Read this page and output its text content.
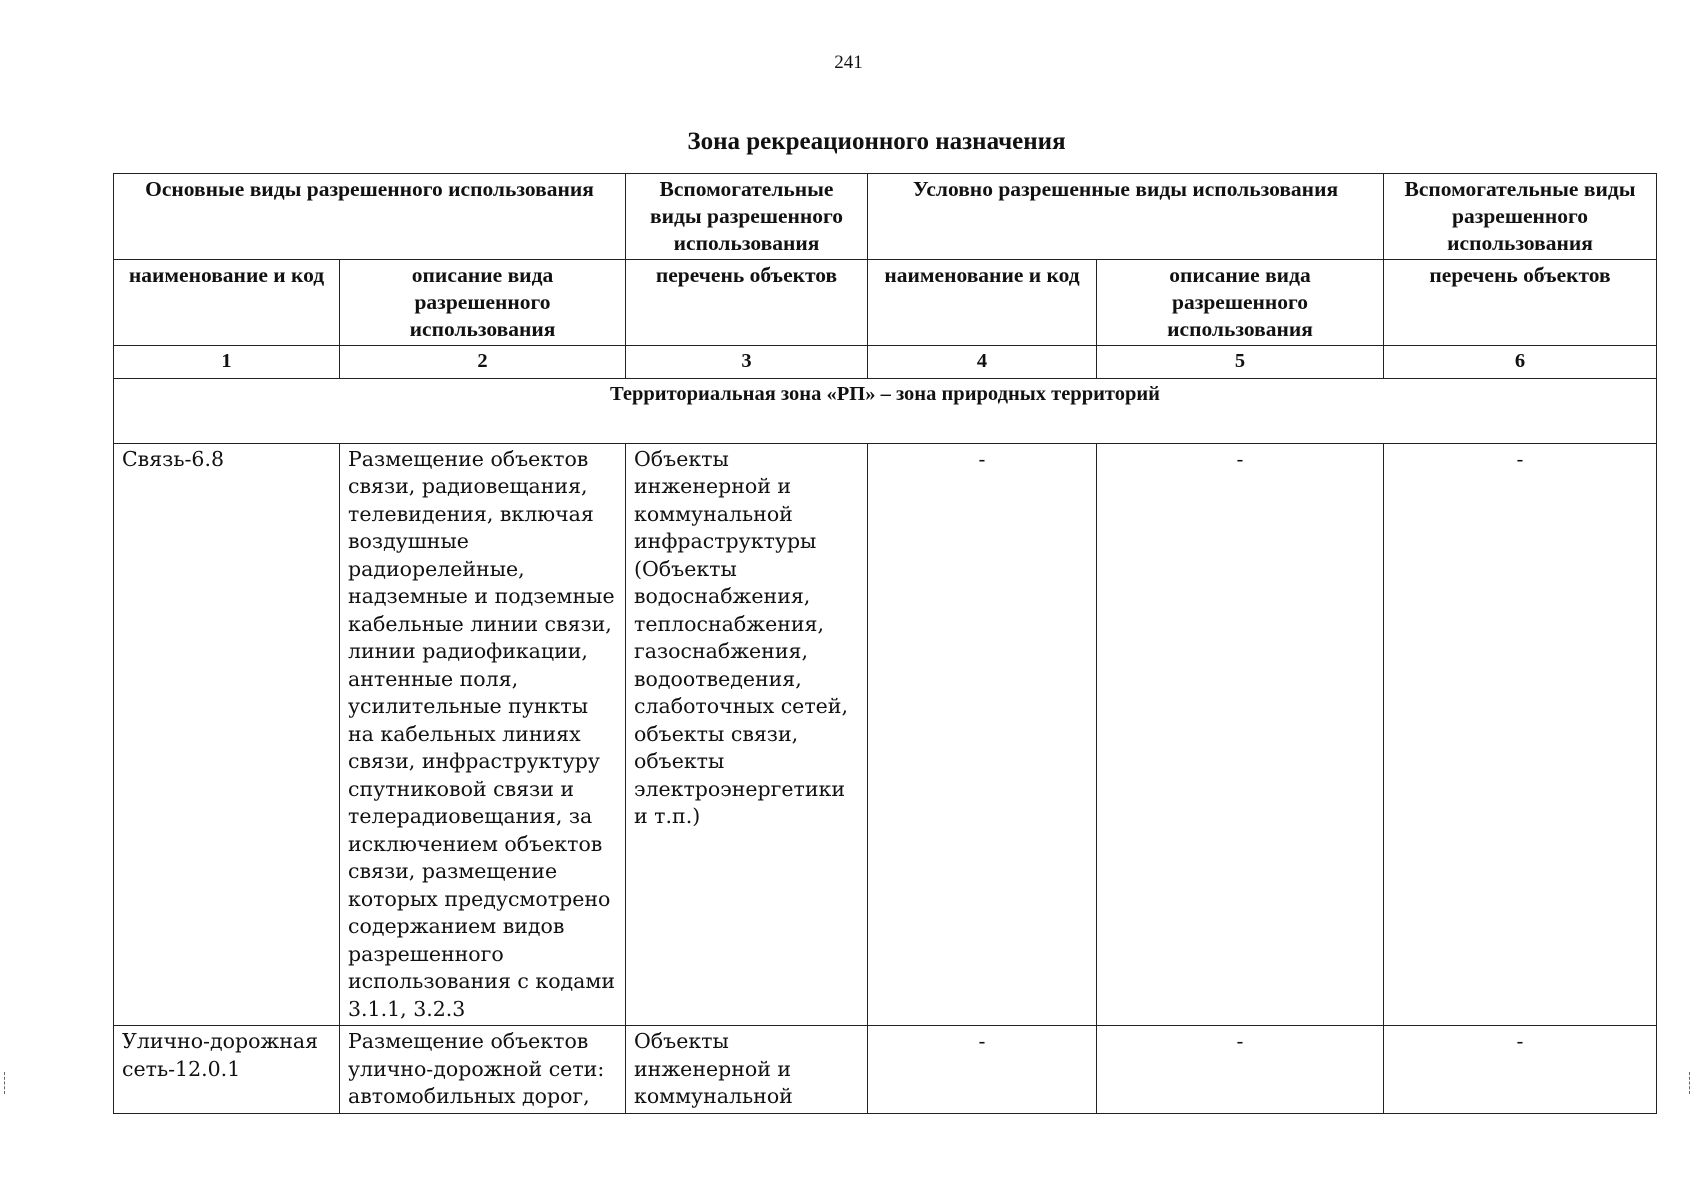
241
Зона рекреационного назначения
Основные виды разрешенного использования		Вспомогательные виды разрешенного использования	Условно разрешенные виды использования		Вспомогательные виды разрешенного использования
наименование и код	описание вида разрешенного использования	перечень объектов	наименование и код	описание вида разрешенного использования	перечень объектов
1	2	3	4	5	6
Территориальная зона «РП» – зона природных территорий					
Связь-6.8	Размещение объектов связи, радиовещания, телевидения, включая воздушные радиорелейные, надземные и подземные кабельные линии связи, линии радиофикации, антенные поля, усилительные пункты на кабельных линиях связи, инфраструктуру спутниковой связи и телерадиовещания, за исключением объектов связи, размещение которых предусмотрено содержанием видов разрешенного использования с кодами 3.1.1, 3.2.3	Объекты инженерной и коммунальной инфраструктуры (Объекты водоснабжения, теплоснабжения, газоснабжения, водоотведения, слаботочных сетей, объекты связи, объекты электроэнергетики и т.п.)	-	-	-
Улично-дорожная сеть-12.0.1	Размещение объектов улично-дорожной сети: автомобильных дорог,	Объекты инженерной и коммунальной	-	-	-
